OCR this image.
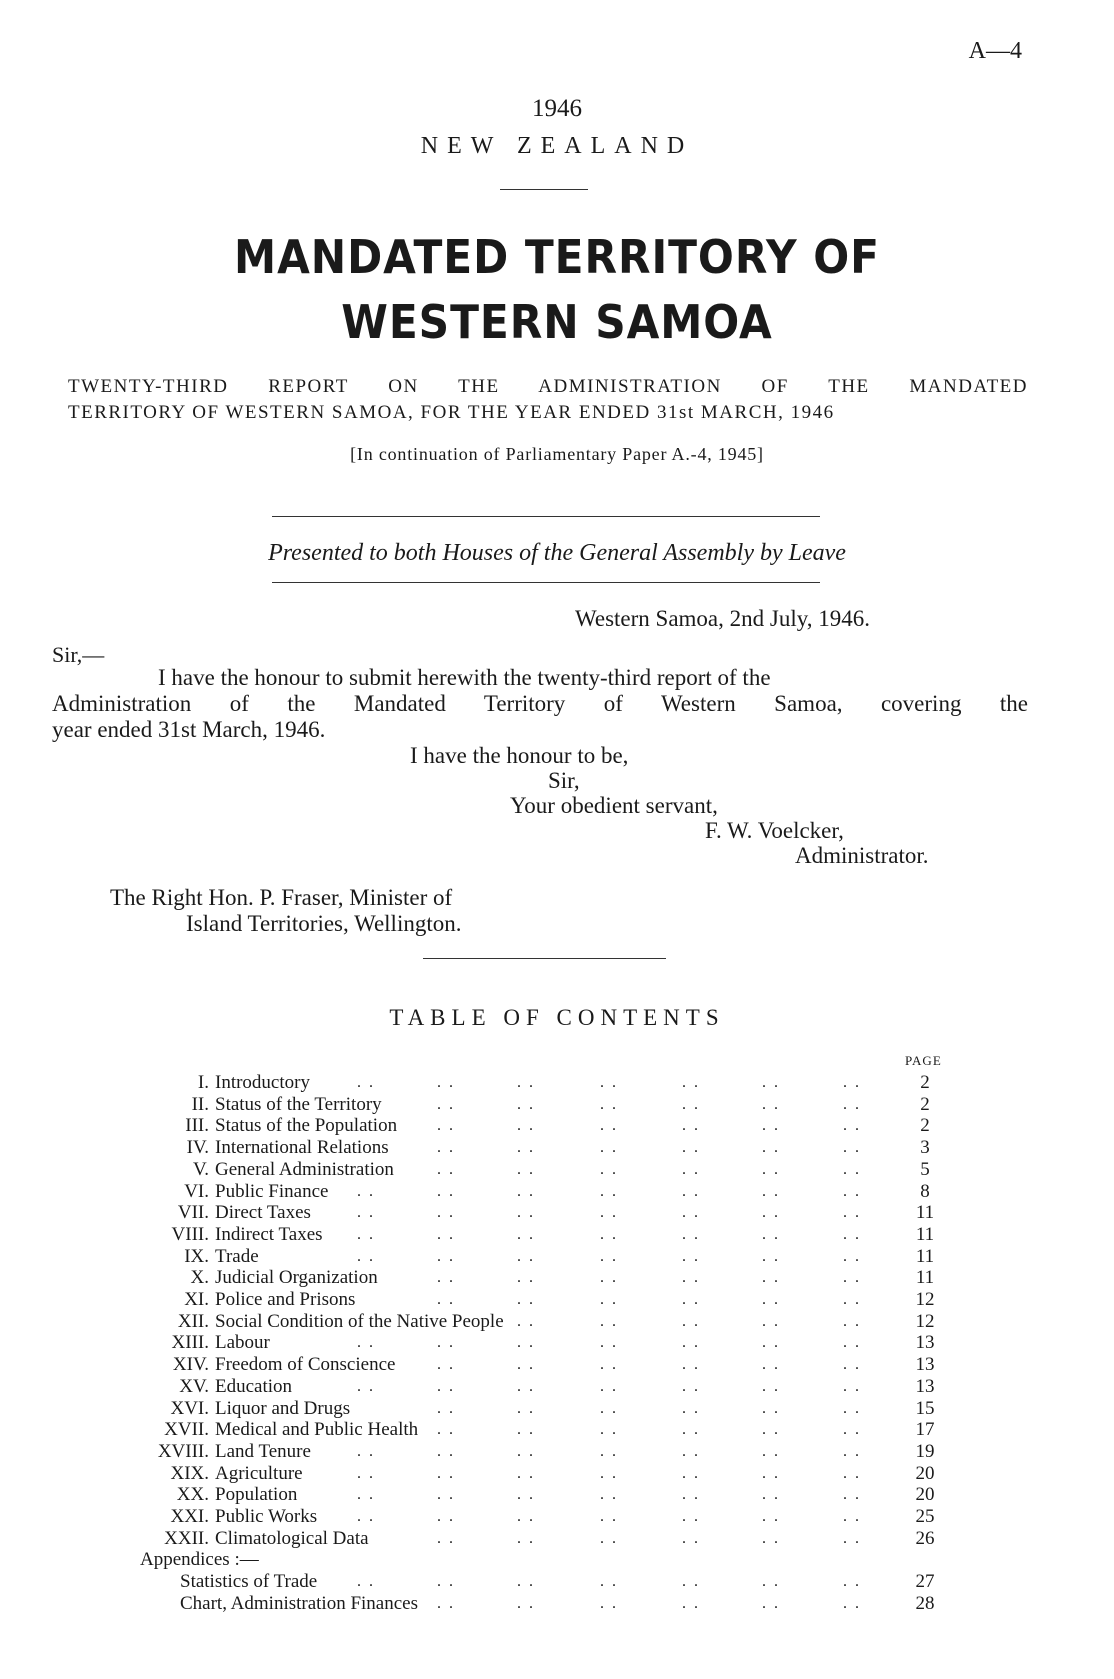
A—4
1946
NEW ZEALAND
MANDATED TERRITORY OF
WESTERN SAMOA
TWENTY-THIRD REPORT ON THE ADMINISTRATION OF THE MANDATED
TERRITORY OF WESTERN SAMOA, FOR THE YEAR ENDED 31st MARCH, 1946
[In continuation of Parliamentary Paper A.-4, 1945]
Presented to both Houses of the General Assembly by Leave
Western Samoa, 2nd July, 1946.
Sir,—
I have the honour to submit herewith the twenty-third report of the
Administration of the Mandated Territory of Western Samoa, covering the
year ended 31st March, 1946.
I have the honour to be,
Sir,
Your obedient servant,
F. W. Voelcker,
Administrator.
The Right Hon. P. Fraser, Minister of
Island Territories, Wellington.
TABLE OF CONTENTS
PAGE
I. Introductory	. .	. .	. .	. .	. .	. .	. .	2
II. Status of the Territory	. .	. .	. .	. .	. .	. .	2
III. Status of the Population . .	. .	. .	. .	. .	. .	2
IV. International Relations	. .	. .	. .	. .	. .	. .	3
V. General Administration	. .	. .	. .	. .	. .	. .	5
VI. Public Finance . .	. .	. .	. .	. .	. .	. .	8
VII. Direct Taxes	. .	. .	. .	. .	. .	. .	. .	11
VIII. Indirect Taxes . .	. .	. .	. .	. .	. .	. .	11
IX. Trade	. .	. .	. .	. .	. .	. .	. .	11
X. Judicial Organization	. .	. .	. .	. .	. .	. .	11
XI. Police and Prisons	. .	. .	. .	. .	. .	. .	12
XII. Social Condition of the Native People . .	. .	. .	. .	. .	12
XIII. Labour	. .	. .	. .	. .	. .	. .	. .	13
XIV. Freedom of Conscience	. .	. .	. .	. .	. .	. .	13
XV. Education	. .	. .	. .	. .	. .	. .	. .	13
XVI. Liquor and Drugs	. .	. .	. .	. .	. .	. .	15
XVII. Medical and Public Health . .	. .	. .	. .	. .	. .	17
XVIII. Land Tenure	. .	. .	. .	. .	. .	. .	. .	19
XIX. Agriculture	. .	. .	. .	. .	. .	. .	. .	20
XX. Population	. .	. .	. .	. .	. .	. .	. .	20
XXI. Public Works . .	. .	. .	. .	. .	. .	. .	25
XXII. Climatological Data	. .	. .	. .	. .	. .	. .	26
Appendices :—
Statistics of Trade . .	. .	. .	. .	. .	. .	. .	27
Chart, Administration Finances . .	. .	. .	. .	. .	. .	28
